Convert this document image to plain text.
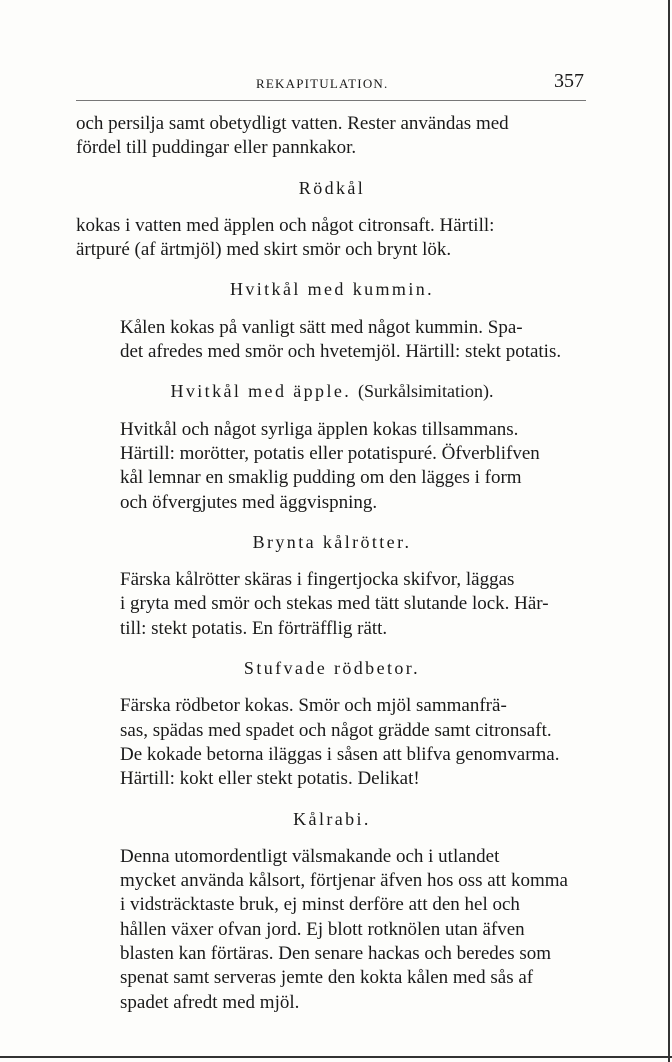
REKAPITULATION.	357

och persilja samt obetydligt vatten. Rester användas med
fördel till puddingar eller pannkakor.

Rödkål

kokas i vatten med äpplen och något citronsaft. Härtill:
ärtpuré (af ärtmjöl) med skirt smör och brynt lök.

Hvitkål med kummin.

Kålen kokas på vanligt sätt med något kummin. Spa-
det afredes med smör och hvetemjöl. Härtill: stekt potatis.

Hvitkål med äpple. (Surkålsimitation).

Hvitkål och något syrliga äpplen kokas tillsammans.
Härtill: morötter, potatis eller potatispuré. Öfverblifven
kål lemnar en smaklig pudding om den lägges i form
och öfvergjutes med äggvispning.

Brynta kålrötter.

Färska kålrötter skäras i fingertjocka skifvor, läggas
i gryta med smör och stekas med tätt slutande lock. Här-
till: stekt potatis. En förträfflig rätt.

Stufvade rödbetor.

Färska rödbetor kokas. Smör och mjöl sammanfrä-
sas, spädas med spadet och något grädde samt citronsaft.
De kokade betorna iläggas i såsen att blifva genomvarma.
Härtill: kokt eller stekt potatis. Delikat!

Kålrabi.

Denna utomordentligt välsmakande och i utlandet
mycket använda kålsort, förtjenar äfven hos oss att komma
i vidsträcktaste bruk, ej minst derföre att den hel och
hållen växer ofvan jord. Ej blott rotknölen utan äfven
blasten kan förtäras. Den senare hackas och beredes som
spenat samt serveras jemte den kokta kålen med sås af
spadet afredt med mjöl.
